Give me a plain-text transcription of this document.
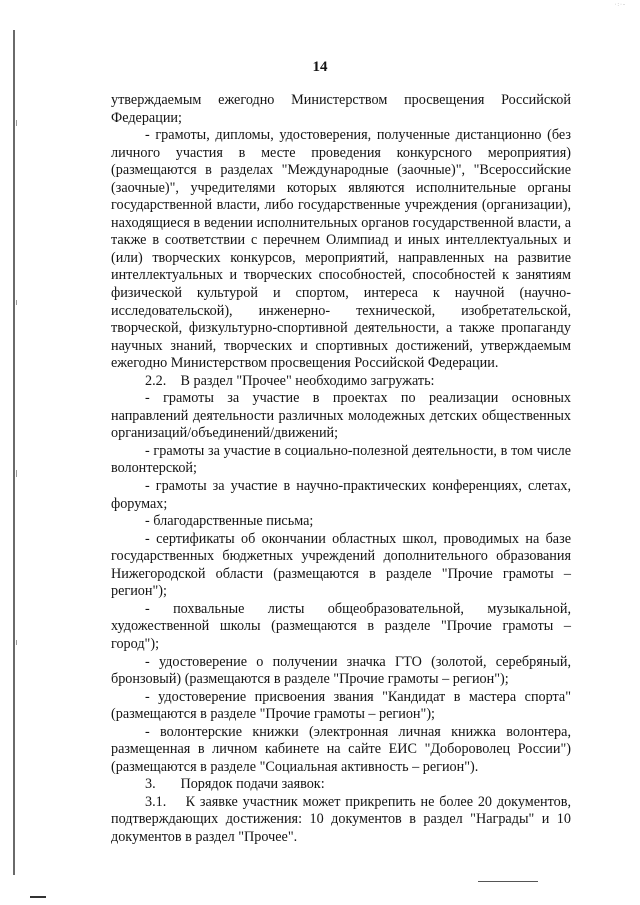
·:·-
14

утверждаемым ежегодно Министерством просвещения Российской Федерации;

- грамоты, дипломы, удостоверения, полученные дистанционно (без личного участия в месте проведения конкурсного мероприятия) (размещаются в разделах "Международные (заочные)", "Всероссийские (заочные)", учредителями которых являются исполнительные органы государственной власти, либо государственные учреждения (организации), находящиеся в ведении исполнительных органов государственной власти, а также в соответствии с перечнем Олимпиад и иных интеллектуальных и (или) творческих конкурсов, мероприятий, направленных на развитие интеллектуальных и творческих способностей, способностей к занятиям физической культурой и спортом, интереса к научной (научно-исследовательской), инженерно- технической, изобретательской, творческой, физкультурно-спортивной деятельности, а также пропаганду научных знаний, творческих и спортивных достижений, утверждаемым ежегодно Министерством просвещения Российской Федерации.

2.2.    В раздел "Прочее" необходимо загружать:

- грамоты за участие в проектах по реализации основных направлений деятельности различных молодежных детских общественных организаций/объединений/движений;

- грамоты за участие в социально-полезной деятельности, в том числе волонтерской;

- грамоты за участие в научно-практических конференциях, слетах, форумах;

- благодарственные письма;

- сертификаты об окончании областных школ, проводимых на базе государственных бюджетных учреждений дополнительного образования Нижегородской области (размещаются в разделе "Прочие грамоты – регион");

- похвальные листы общеобразовательной, музыкальной, художественной школы (размещаются в разделе "Прочие грамоты – город");

- удостоверение о получении значка ГТО (золотой, серебряный, бронзовый) (размещаются в разделе "Прочие грамоты – регион");

- удостоверение присвоения звания "Кандидат в мастера спорта" (размещаются в разделе "Прочие грамоты – регион");

- волонтерские книжки (электронная личная книжка волонтера, размещенная в личном кабинете на сайте ЕИС "Добороволец России") (размещаются в разделе "Социальная активность – регион").

3.       Порядок подачи заявок:

3.1.    К заявке участник может прикрепить не более 20 документов, подтверждающих достижения: 10 документов в раздел "Награды" и 10 документов в раздел "Прочее".
